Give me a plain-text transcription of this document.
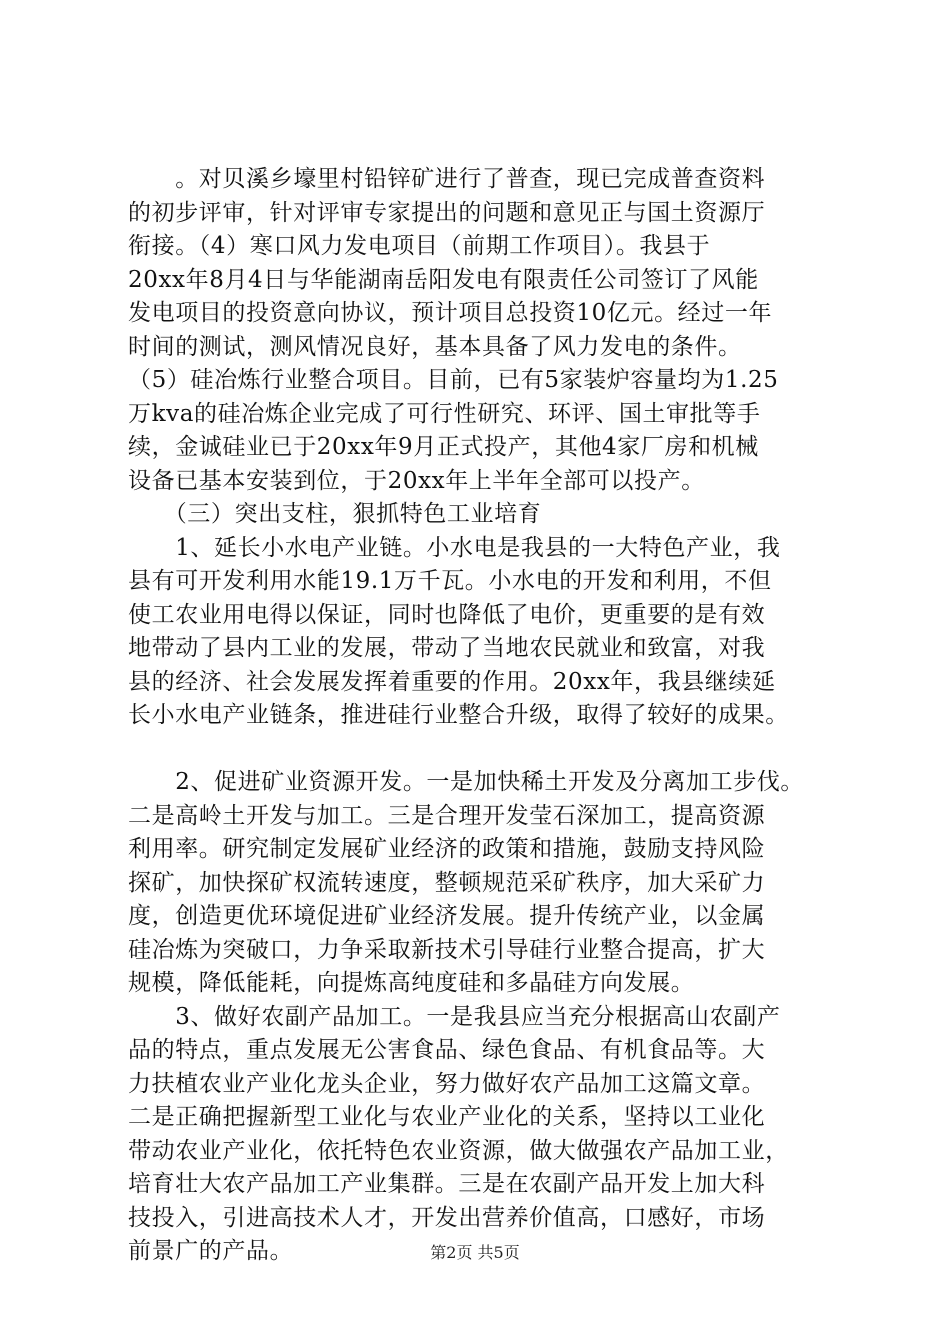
　　。对贝溪乡壕里村铅锌矿进行了普查，现已完成普查资料
的初步评审，针对评审专家提出的问题和意见正与国土资源厅
衔接。（4）寒口风力发电项目（前期工作项目）。我县于
20xx年8月4日与华能湖南岳阳发电有限责任公司签订了风能
发电项目的投资意向协议，预计项目总投资10亿元。经过一年
时间的测试，测风情况良好，基本具备了风力发电的条件。
（5）硅冶炼行业整合项目。目前，已有5家装炉容量均为1.25
万kva的硅冶炼企业完成了可行性研究、环评、国土审批等手
续，金诚硅业已于20xx年9月正式投产，其他4家厂房和机械
设备已基本安装到位，于20xx年上半年全部可以投产。
　　（三）突出支柱，狠抓特色工业培育
　　1、延长小水电产业链。小水电是我县的一大特色产业，我
县有可开发利用水能19.1万千瓦。小水电的开发和利用，不但
使工农业用电得以保证，同时也降低了电价，更重要的是有效
地带动了县内工业的发展，带动了当地农民就业和致富，对我
县的经济、社会发展发挥着重要的作用。20xx年，我县继续延
长小水电产业链条，推进硅行业整合升级，取得了较好的成果。
　　2、促进矿业资源开发。一是加快稀土开发及分离加工步伐。
二是高岭土开发与加工。三是合理开发莹石深加工，提高资源
利用率。研究制定发展矿业经济的政策和措施，鼓励支持风险
探矿，加快探矿权流转速度，整顿规范采矿秩序，加大采矿力
度，创造更优环境促进矿业经济发展。提升传统产业，以金属
硅冶炼为突破口，力争采取新技术引导硅行业整合提高，扩大
规模，降低能耗，向提炼高纯度硅和多晶硅方向发展。
　　3、做好农副产品加工。一是我县应当充分根据高山农副产
品的特点，重点发展无公害食品、绿色食品、有机食品等。大
力扶植农业产业化龙头企业，努力做好农产品加工这篇文章。
二是正确把握新型工业化与农业产业化的关系，坚持以工业化
带动农业产业化，依托特色农业资源，做大做强农产品加工业，
培育壮大农产品加工产业集群。三是在农副产品开发上加大科
技投入，引进高技术人才，开发出营养价值高，口感好，市场
前景广的产品。	第2页 共5页
